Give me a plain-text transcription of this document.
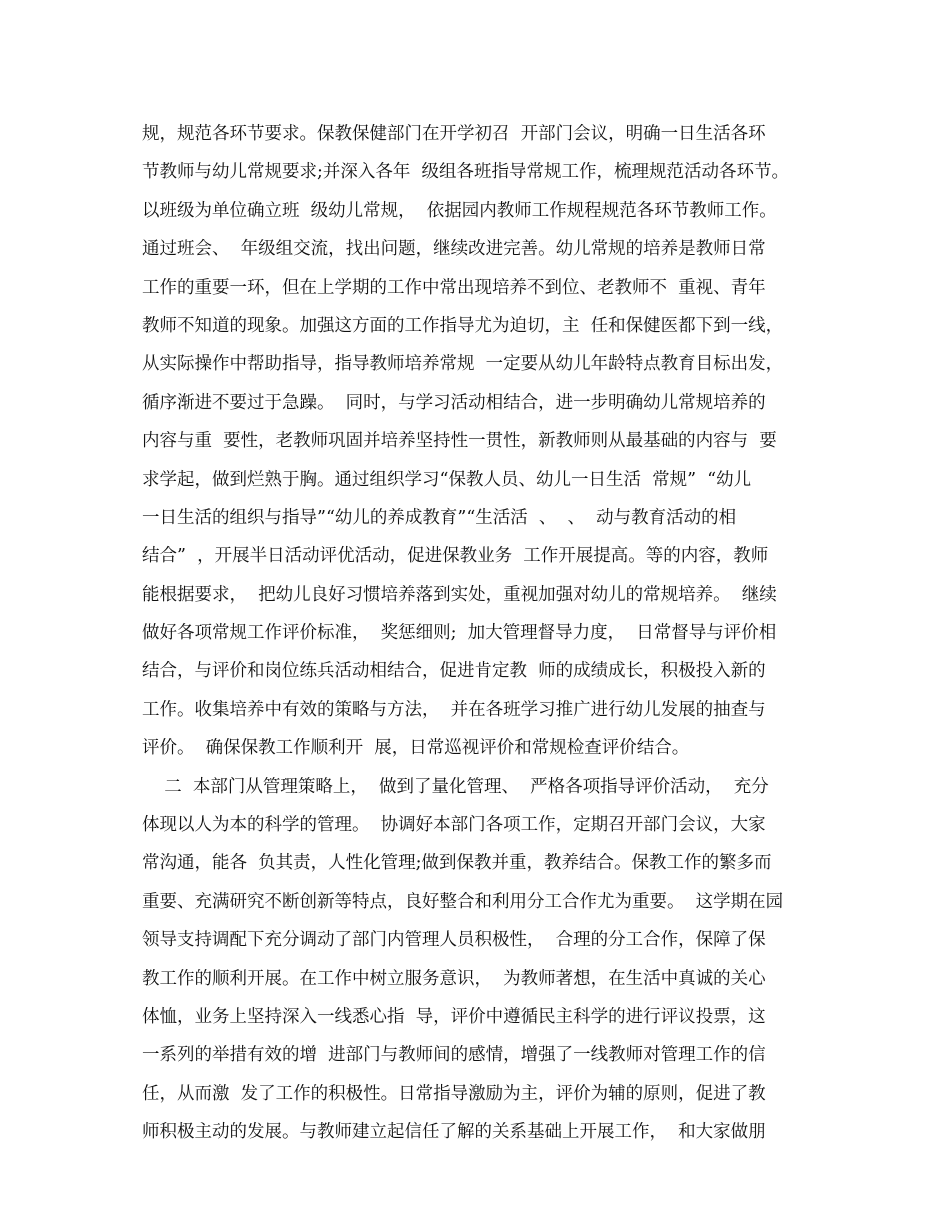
规，规范各环节要求。保教保健部门在开学初召  开部门会议，明确一日生活各环
节教师与幼儿常规要求;并深入各年  级组各班指导常规工作，梳理规范活动各环节。
以班级为单位确立班  级幼儿常规，  依据园内教师工作规程规范各环节教师工作。
通过班会、  年级组交流，找出问题，继续改进完善。幼儿常规的培养是教师日常
工作的重要一环，但在上学期的工作中常出现培养不到位、老教师不  重视、青年
教师不知道的现象。加强这方面的工作指导尤为迫切，主  任和保健医都下到一线，
从实际操作中帮助指导，指导教师培养常规  一定要从幼儿年龄特点教育目标出发，
循序渐进不要过于急躁。  同时，与学习活动相结合，进一步明确幼儿常规培养的
内容与重  要性，老教师巩固并培养坚持性一贯性，新教师则从最基础的内容与  要
求学起，做到烂熟于胸。通过组织学习“保教人员、幼儿一日生活  常规”  “幼儿
一日生活的组织与指导”“幼儿的养成教育”“生活活  、  、  动与教育活动的相
结合”  ，开展半日活动评优活动，促进保教业务  工作开展提高。等的内容，教师
能根据要求，  把幼儿良好习惯培养落到实处，重视加强对幼儿的常规培养。  继续
做好各项常规工作评价标准，  奖惩细则;  加大管理督导力度，  日常督导与评价相
结合，与评价和岗位练兵活动相结合，促进肯定教  师的成绩成长，积极投入新的
工作。收集培养中有效的策略与方法，  并在各班学习推广进行幼儿发展的抽查与
评价。  确保保教工作顺利开  展，日常巡视评价和常规检查评价结合。
二  本部门从管理策略上，  做到了量化管理、  严格各项指导评价活动，  充分
体现以人为本的科学的管理。  协调好本部门各项工作，定期召开部门会议，大家
常沟通，能各  负其责，人性化管理;做到保教并重，教养结合。保教工作的繁多而
重要、充满研究不断创新等特点，良好整合和利用分工合作尤为重要。  这学期在园
领导支持调配下充分调动了部门内管理人员积极性，  合理的分工合作，保障了保
教工作的顺利开展。在工作中树立服务意识，  为教师著想，在生活中真诚的关心
体恤，业务上坚持深入一线悉心指  导，评价中遵循民主科学的进行评议投票，这
一系列的举措有效的增  进部门与教师间的感情，增强了一线教师对管理工作的信
任，从而激  发了工作的积极性。日常指导激励为主，评价为辅的原则，促进了教
师积极主动的发展。与教师建立起信任了解的关系基础上开展工作，  和大家做朋
